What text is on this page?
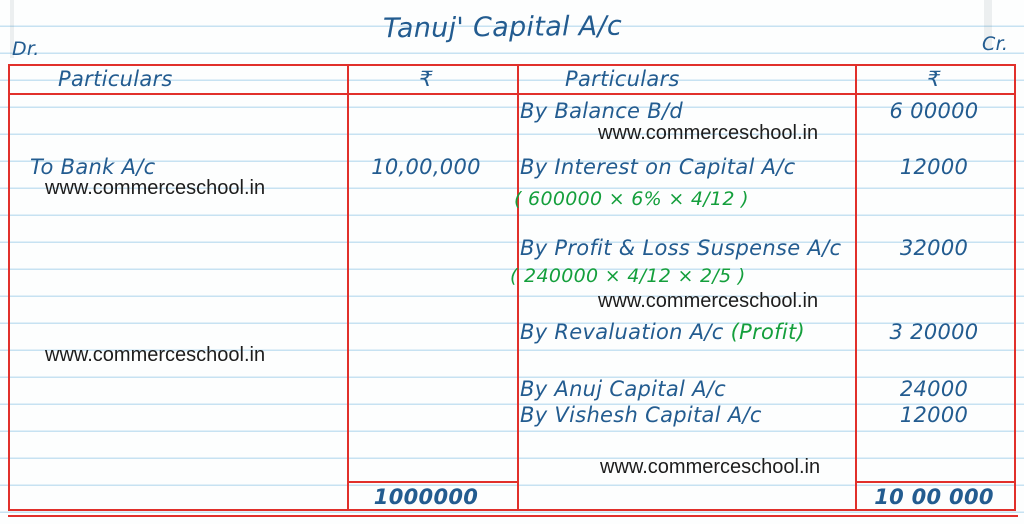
Tanuj' Capital A/c
Dr.	Cr.
Particulars	₹	Particulars	₹
To Bank A/c	10,00,000
By Balance B/d	6 00000
By Interest on Capital A/c	12000
( 600000 × 6% × 4/12 )
By Profit & Loss Suspense A/c	32000
( 240000 × 4/12 × 2/5 )
By Revaluation A/c (Profit)	3 20000
By Anuj Capital A/c	24000
By Vishesh Capital A/c	12000
1000000	10 00 000
www.commerceschool.in
www.commerceschool.in
www.commerceschool.in
www.commerceschool.in
www.commerceschool.in
